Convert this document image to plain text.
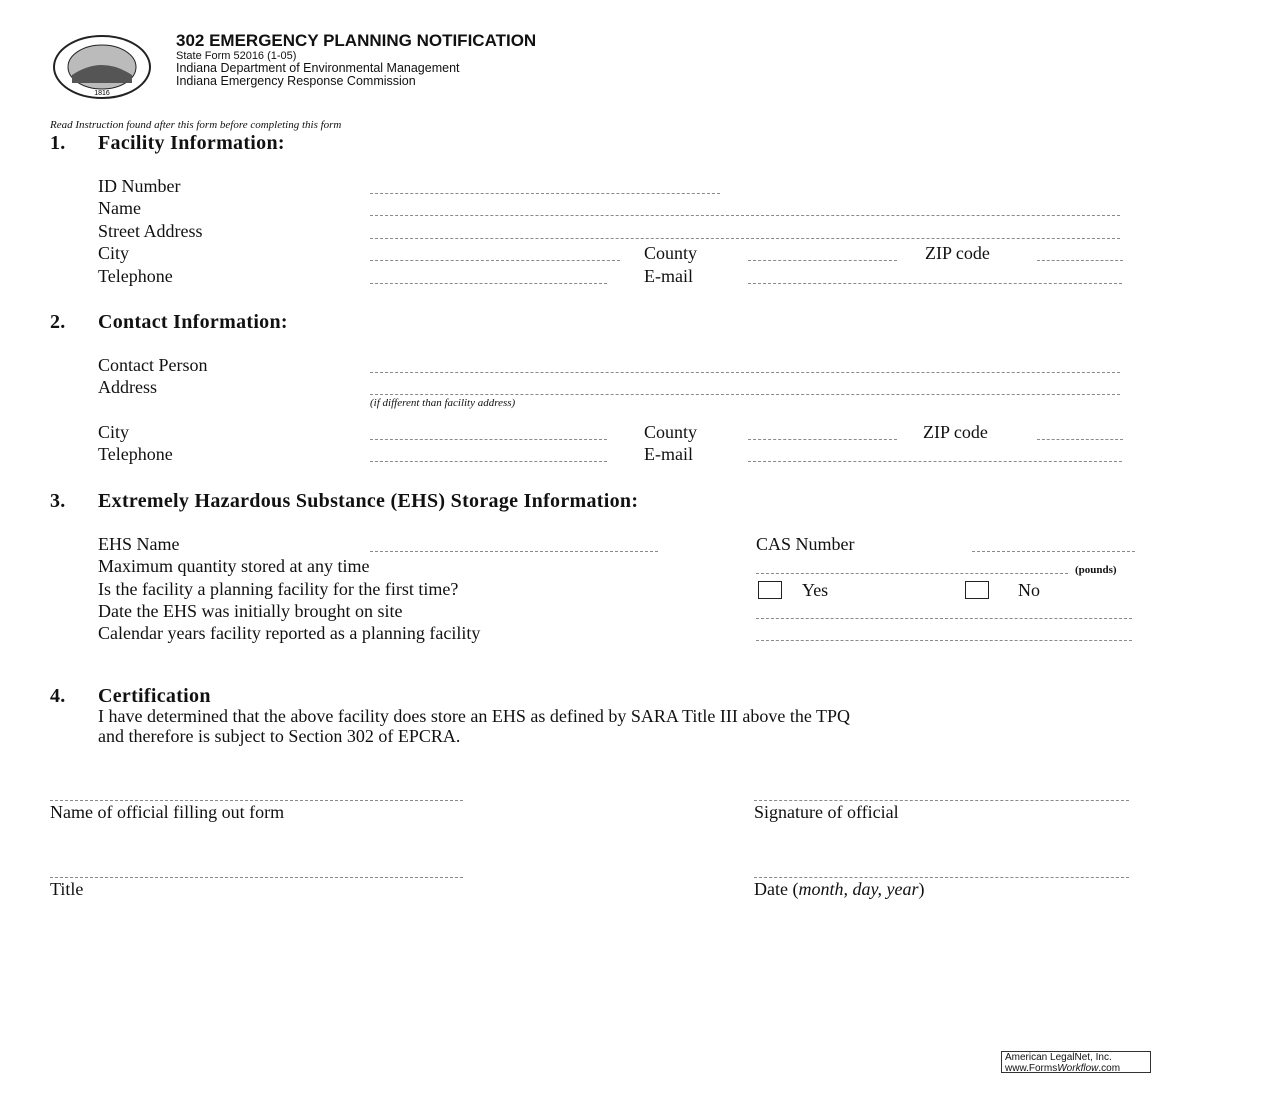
1816
302 EMERGENCY PLANNING NOTIFICATION
State Form 52016 (1-05)
Indiana Department of Environmental Management
Indiana Emergency Response Commission
Read Instruction found after this form before completing this form
1. Facility Information:
ID Number
Name
Street Address
City	County	ZIP code
Telephone	E-mail
2. Contact Information:
Contact Person
Address
(if different than facility address)
City	County	ZIP code
Telephone	E-mail
3. Extremely Hazardous Substance (EHS) Storage Information:
EHS Name	CAS Number
Maximum quantity stored at any time	(pounds)
Is the facility a planning facility for the first time?	Yes	No
Date the EHS was initially brought on site
Calendar years facility reported as a planning facility
4. Certification
I have determined that the above facility does store an EHS as defined by SARA Title III above the TPQ
and therefore is subject to Section 302 of EPCRA.
Name of official filling out form	Signature of official
Title	Date (month, day, year)
American LegalNet, Inc.
www.FormsWorkflow.com
